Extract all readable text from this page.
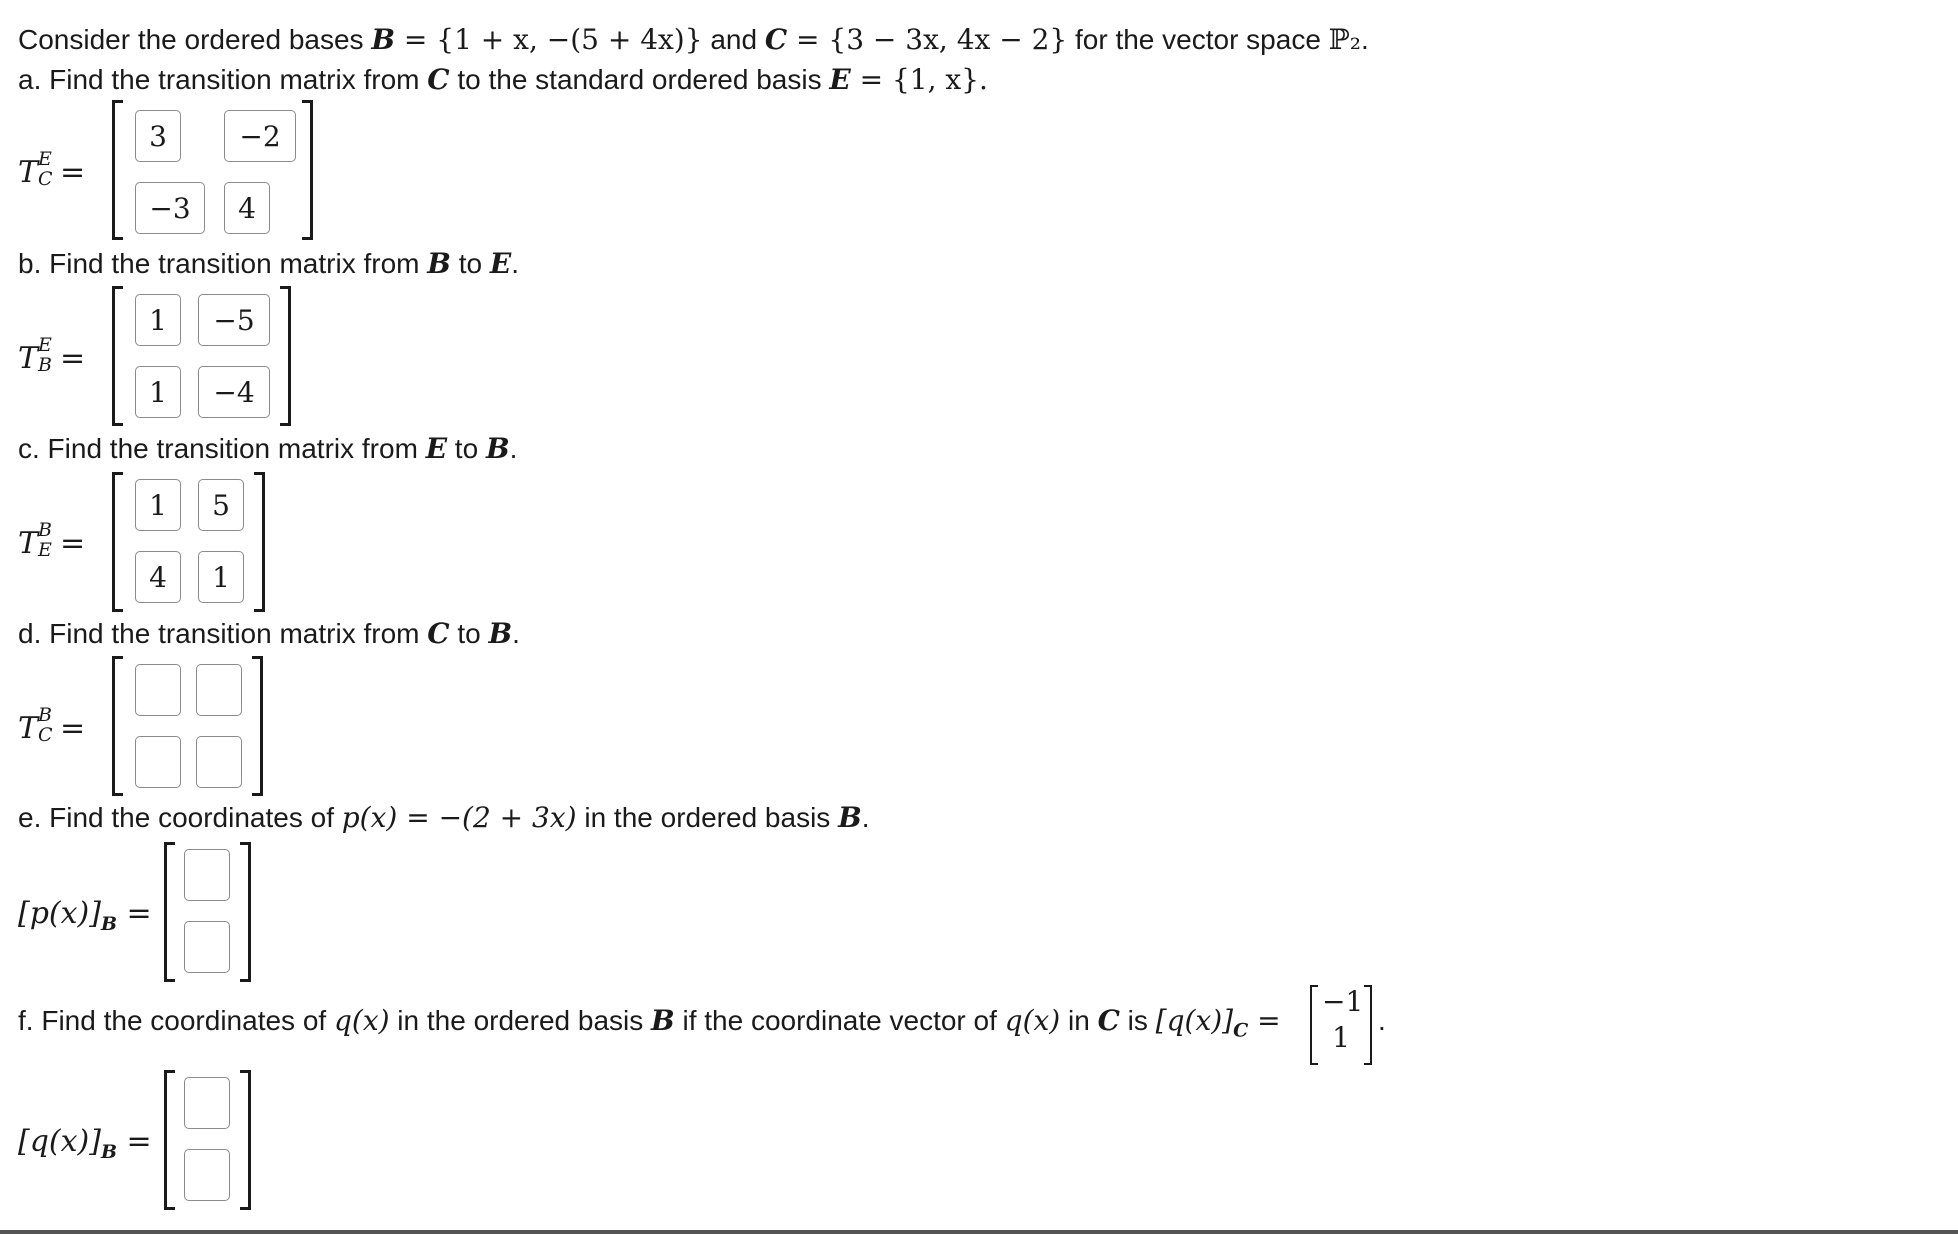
Consider the ordered bases B = {1 + x, −(5 + 4x)} and C = {3 − 3x, 4x − 2} for the vector space ℙ₂.
a. Find the transition matrix from C to the standard ordered basis E = {1, x}.
T E
C =
3	−2
−3	4
b. Find the transition matrix from B to E.
T E
B =
1	−5
1	−4
c. Find the transition matrix from E to B.
T B
E =
1	5
4	1
d. Find the transition matrix from C to B.
T B
C =
e. Find the coordinates of p(x) = −(2 + 3x) in the ordered basis B.
$[p(x)]_B$ =
f. Find the coordinates of q(x) in the ordered basis B if the coordinate vector of q(x) in C is $[q(x)]_C$ =
−1
1
.
$[q(x)]_B$ =
